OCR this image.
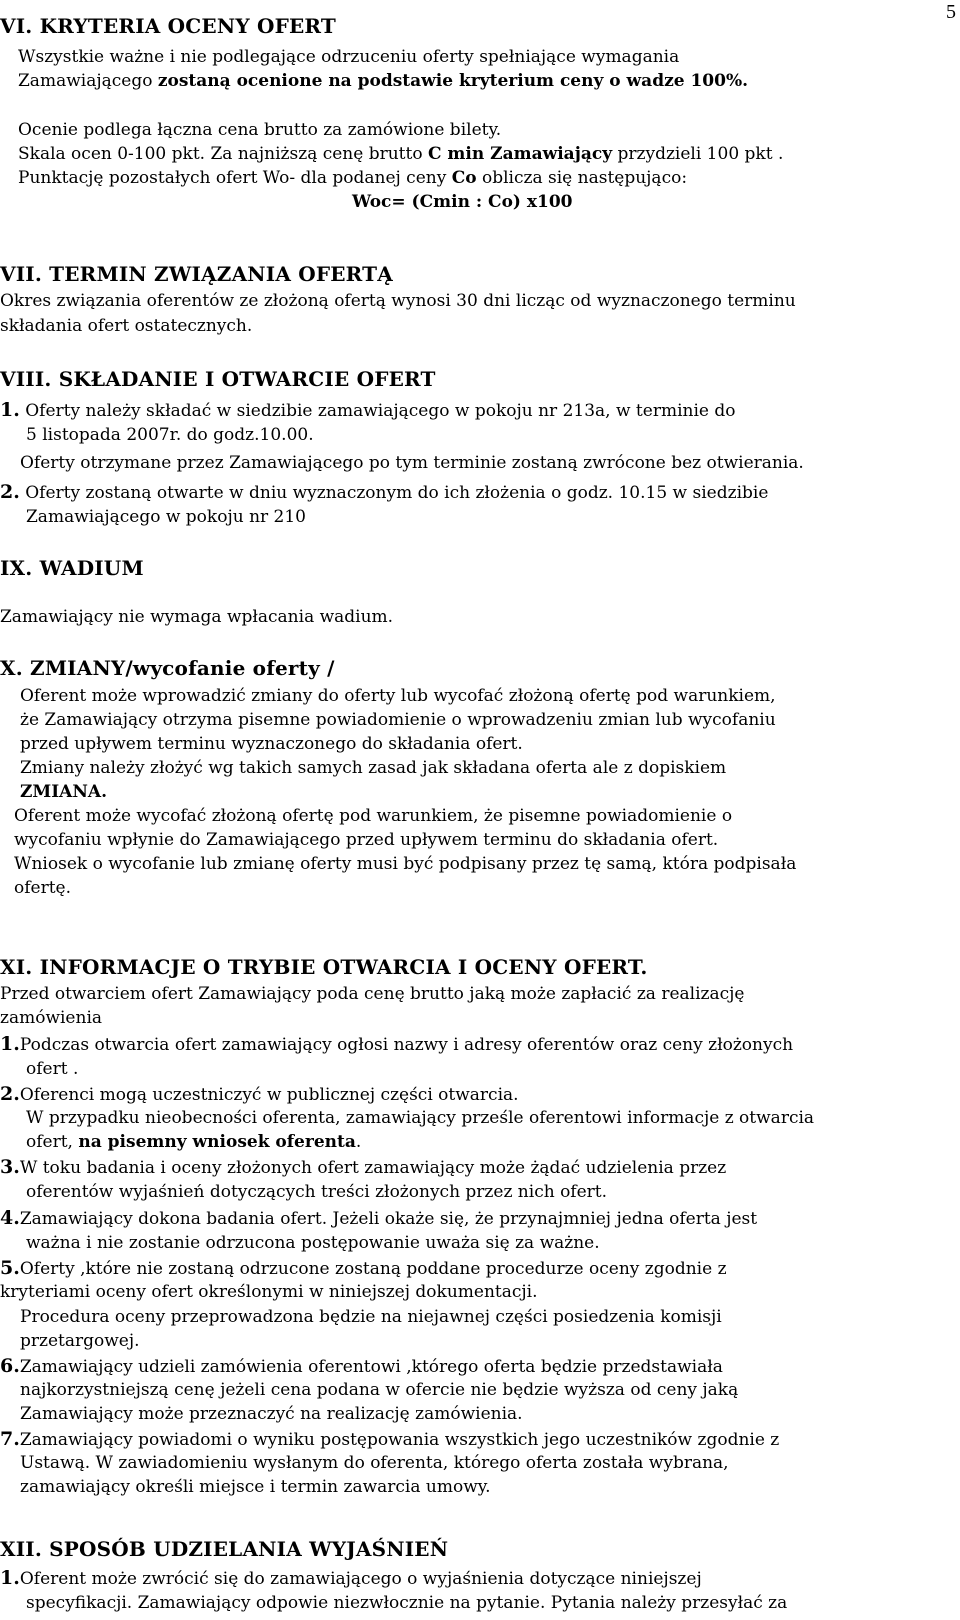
5
VI. KRYTERIA OCENY OFERT
Wszystkie ważne i nie podlegające odrzuceniu oferty spełniające wymagania
Zamawiającego zostaną ocenione na podstawie kryterium ceny o wadze 100%.
Ocenie podlega łączna cena brutto za zamówione bilety.
Skala ocen 0-100 pkt. Za najniższą cenę brutto C min Zamawiający przydzieli 100 pkt .
Punktację pozostałych ofert Wo- dla podanej ceny Co oblicza się następująco:
Woc= (Cmin : Co) x100
VII. TERMIN ZWIĄZANIA OFERTĄ
Okres związania oferentów ze złożoną ofertą wynosi 30 dni licząc od wyznaczonego terminu
składania ofert ostatecznych.
VIII. SKŁADANIE I OTWARCIE OFERT
1. Oferty należy składać w siedzibie zamawiającego w pokoju nr 213a, w terminie do
5 listopada 2007r. do godz.10.00.
Oferty otrzymane przez Zamawiającego po tym terminie zostaną zwrócone bez otwierania.
2. Oferty zostaną otwarte w dniu wyznaczonym do ich złożenia o godz. 10.15 w siedzibie
Zamawiającego w pokoju nr 210
IX. WADIUM
Zamawiający nie wymaga wpłacania wadium.
X. ZMIANY/wycofanie oferty /
Oferent może wprowadzić zmiany do oferty lub wycofać złożoną ofertę pod warunkiem,
że Zamawiający otrzyma pisemne powiadomienie o wprowadzeniu zmian lub wycofaniu
przed upływem terminu wyznaczonego do składania ofert.
Zmiany należy złożyć wg takich samych zasad jak składana oferta ale z dopiskiem
ZMIANA.
Oferent może wycofać złożoną ofertę pod warunkiem, że pisemne powiadomienie o
wycofaniu wpłynie do Zamawiającego przed upływem terminu do składania ofert.
Wniosek o wycofanie lub zmianę oferty musi być podpisany przez tę samą, która podpisała
ofertę.
XI. INFORMACJE O TRYBIE OTWARCIA I OCENY OFERT.
Przed otwarciem ofert Zamawiający poda cenę brutto jaką może zapłacić za realizację
zamówienia
1.Podczas otwarcia ofert zamawiający ogłosi nazwy i adresy oferentów oraz ceny złożonych
ofert .
2.Oferenci mogą uczestniczyć w publicznej części otwarcia.
W przypadku nieobecności oferenta, zamawiający prześle oferentowi informacje z otwarcia
ofert, na pisemny wniosek oferenta.
3.W toku badania i oceny złożonych ofert zamawiający może żądać udzielenia przez
oferentów wyjaśnień dotyczących treści złożonych przez nich ofert.
4.Zamawiający dokona badania ofert. Jeżeli okaże się, że przynajmniej jedna oferta jest
ważna i nie zostanie odrzucona postępowanie uważa się za ważne.
5.Oferty ,które nie zostaną odrzucone zostaną poddane procedurze oceny zgodnie z
kryteriami oceny ofert określonymi w niniejszej dokumentacji.
Procedura oceny przeprowadzona będzie na niejawnej części posiedzenia komisji
przetargowej.
6.Zamawiający udzieli zamówienia oferentowi ,którego oferta będzie przedstawiała
najkorzystniejszą cenę jeżeli cena podana w ofercie nie będzie wyższa od ceny jaką
Zamawiający może przeznaczyć na realizację zamówienia.
7.Zamawiający powiadomi o wyniku postępowania wszystkich jego uczestników zgodnie z
Ustawą. W zawiadomieniu wysłanym do oferenta, którego oferta została wybrana,
zamawiający określi miejsce i termin zawarcia umowy.
XII. SPOSÓB UDZIELANIA WYJAŚNIEŃ
1.Oferent może zwrócić się do zamawiającego o wyjaśnienia dotyczące niniejszej
specyfikacji. Zamawiający odpowie niezwłocznie na pytanie. Pytania należy przesyłać za
